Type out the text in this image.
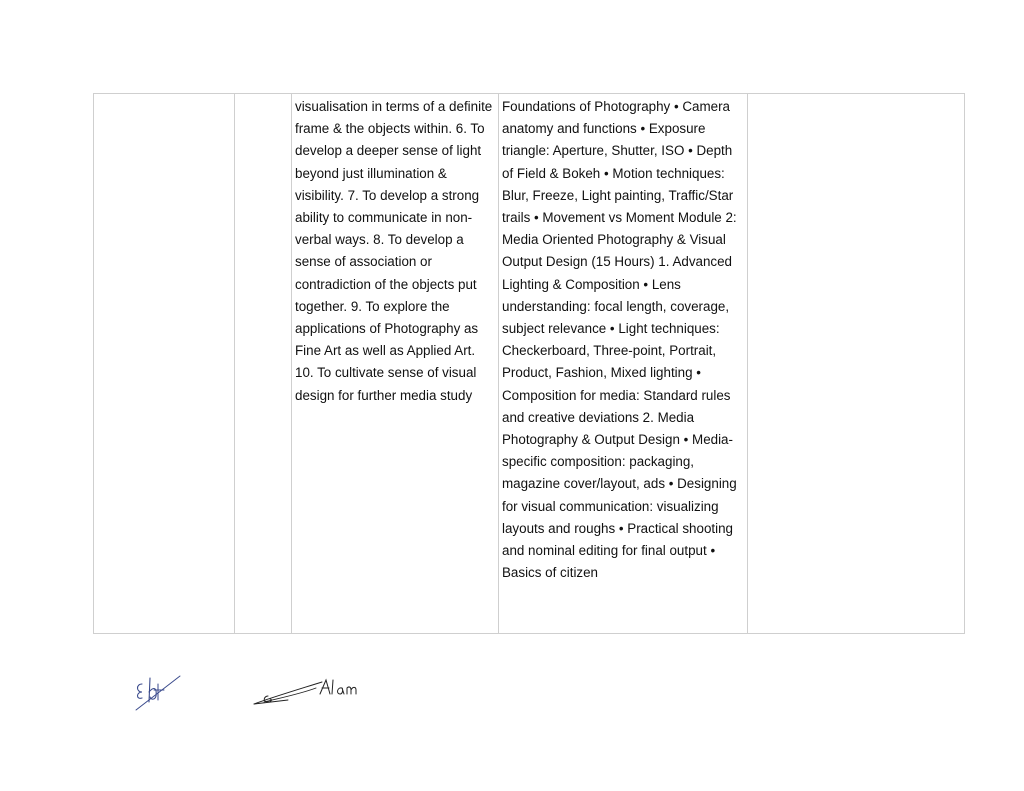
		visualisation in terms of a definite frame & the objects within. 6. To develop a deeper sense of light beyond just illumination & visibility. 7. To develop a strong ability to communicate in non-verbal ways. 8. To develop a sense of association or contradiction of the objects put together. 9. To explore the applications of Photography as Fine Art as well as Applied Art. 10. To cultivate sense of visual design for further media study	Foundations of Photography • Camera anatomy and functions • Exposure triangle: Aperture, Shutter, ISO • Depth of Field & Bokeh • Motion techniques: Blur, Freeze, Light painting, Traffic/Star trails • Movement vs Moment Module 2: Media Oriented Photography & Visual Output Design (15 Hours) 1. Advanced Lighting & Composition • Lens understanding: focal length, coverage, subject relevance • Light techniques: Checkerboard, Three-point, Portrait, Product, Fashion, Mixed lighting • Composition for media: Standard rules and creative deviations 2. Media Photography & Output Design • Media-specific composition: packaging, magazine cover/layout, ads • Designing for visual communication: visualizing layouts and roughs • Practical shooting and nominal editing for final output • Basics of citizen	
